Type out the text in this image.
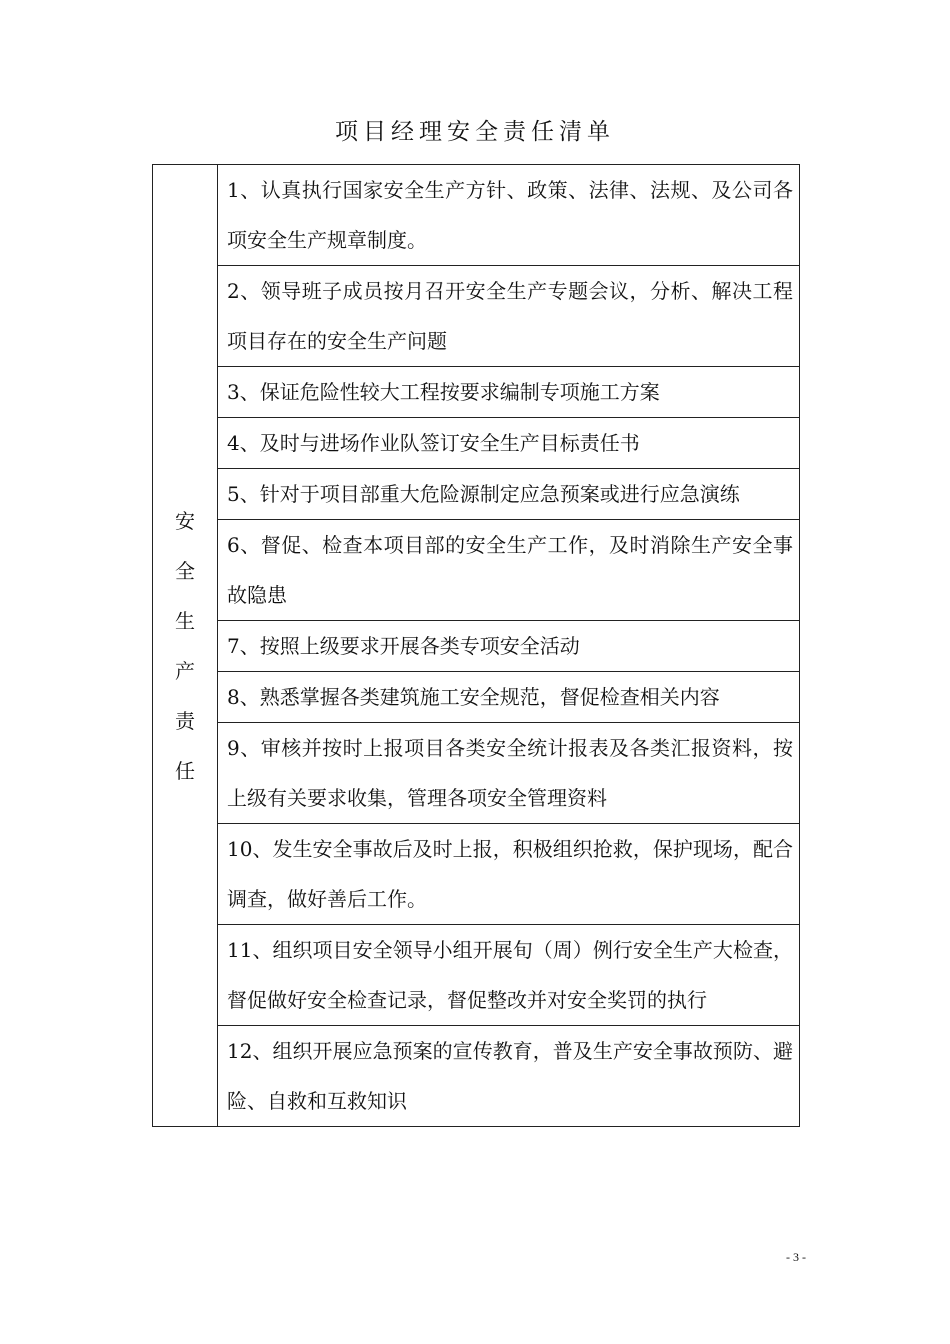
项目经理安全责任清单
安全生产责任	1、认真执行国家安全生产方针、政策、法律、法规、及公司各项安全生产规章制度。
2、领导班子成员按月召开安全生产专题会议，分析、解决工程项目存在的安全生产问题
3、保证危险性较大工程按要求编制专项施工方案
4、及时与进场作业队签订安全生产目标责任书
5、针对于项目部重大危险源制定应急预案或进行应急演练
6、督促、检查本项目部的安全生产工作，及时消除生产安全事故隐患
7、按照上级要求开展各类专项安全活动
8、熟悉掌握各类建筑施工安全规范，督促检查相关内容
9、审核并按时上报项目各类安全统计报表及各类汇报资料，按上级有关要求收集，管理各项安全管理资料
10、发生安全事故后及时上报，积极组织抢救，保护现场，配合调查，做好善后工作。
11、组织项目安全领导小组开展旬（周）例行安全生产大检查，督促做好安全检查记录，督促整改并对安全奖罚的执行
12、组织开展应急预案的宣传教育，普及生产安全事故预防、避险、自救和互救知识
- 3 -
